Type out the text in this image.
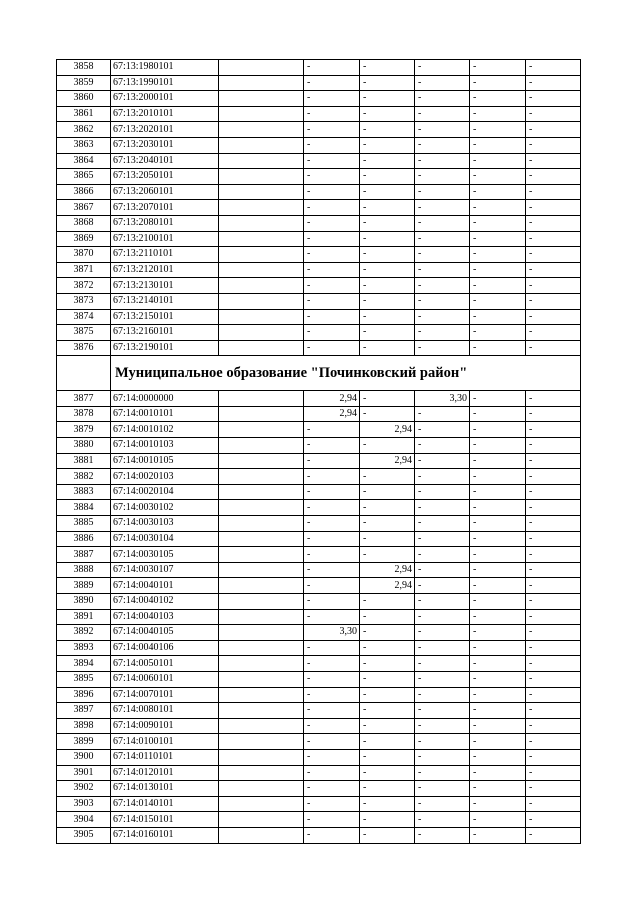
3858	67:13:1980101		-	-	-	-	-
3859	67:13:1990101		-	-	-	-	-
3860	67:13:2000101		-	-	-	-	-
3861	67:13:2010101		-	-	-	-	-
3862	67:13:2020101		-	-	-	-	-
3863	67:13:2030101		-	-	-	-	-
3864	67:13:2040101		-	-	-	-	-
3865	67:13:2050101		-	-	-	-	-
3866	67:13:2060101		-	-	-	-	-
3867	67:13:2070101		-	-	-	-	-
3868	67:13:2080101		-	-	-	-	-
3869	67:13:2100101		-	-	-	-	-
3870	67:13:2110101		-	-	-	-	-
3871	67:13:2120101		-	-	-	-	-
3872	67:13:2130101		-	-	-	-	-
3873	67:13:2140101		-	-	-	-	-
3874	67:13:2150101		-	-	-	-	-
3875	67:13:2160101		-	-	-	-	-
3876	67:13:2190101		-	-	-	-	-
	Муниципальное образование "Починковский район"						
3877	67:14:0000000		2,94	-	3,30	-	-
3878	67:14:0010101		2,94	-	-	-	-
3879	67:14:0010102		-	2,94	-	-	-
3880	67:14:0010103		-	-	-	-	-
3881	67:14:0010105		-	2,94	-	-	-
3882	67:14:0020103		-	-	-	-	-
3883	67:14:0020104		-	-	-	-	-
3884	67:14:0030102		-	-	-	-	-
3885	67:14:0030103		-	-	-	-	-
3886	67:14:0030104		-	-	-	-	-
3887	67:14:0030105		-	-	-	-	-
3888	67:14:0030107		-	2,94	-	-	-
3889	67:14:0040101		-	2,94	-	-	-
3890	67:14:0040102		-	-	-	-	-
3891	67:14:0040103		-	-	-	-	-
3892	67:14:0040105		3,30	-	-	-	-
3893	67:14:0040106		-	-	-	-	-
3894	67:14:0050101		-	-	-	-	-
3895	67:14:0060101		-	-	-	-	-
3896	67:14:0070101		-	-	-	-	-
3897	67:14:0080101		-	-	-	-	-
3898	67:14:0090101		-	-	-	-	-
3899	67:14:0100101		-	-	-	-	-
3900	67:14:0110101		-	-	-	-	-
3901	67:14:0120101		-	-	-	-	-
3902	67:14:0130101		-	-	-	-	-
3903	67:14:0140101		-	-	-	-	-
3904	67:14:0150101		-	-	-	-	-
3905	67:14:0160101		-	-	-	-	-
